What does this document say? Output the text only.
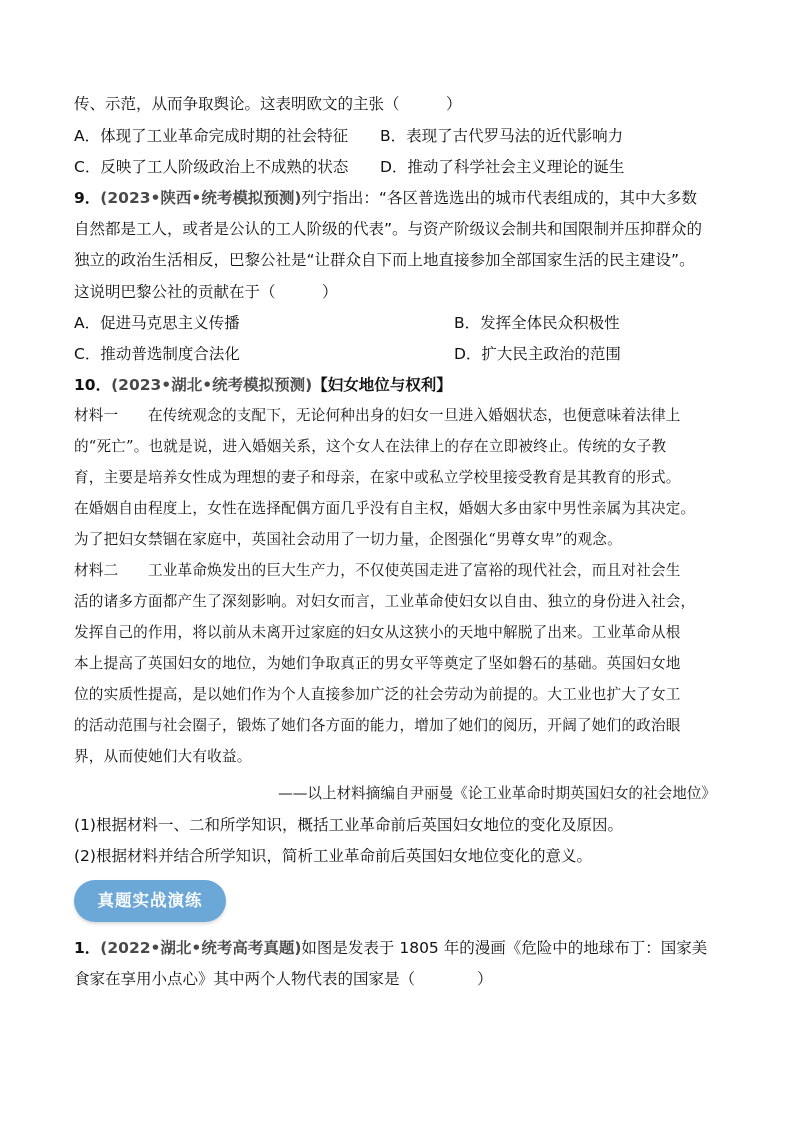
传、示范，从而争取舆论。这表明欧文的主张（　　　）
A．体现了工业革命完成时期的社会特征 B．表现了古代罗马法的近代影响力
C．反映了工人阶级政治上不成熟的状态 D．推动了科学社会主义理论的诞生
9．(2023•陕西•统考模拟预测)列宁指出：“各区普选选出的城市代表组成的，其中大多数
自然都是工人，或者是公认的工人阶级的代表”。与资产阶级议会制共和国限制并压抑群众的
独立的政治生活相反，巴黎公社是“让群众自下而上地直接参加全部国家生活的民主建设”。
这说明巴黎公社的贡献在于（　　　）
A．促进马克思主义传播	B．发挥全体民众积极性
C．推动普选制度合法化	D．扩大民主政治的范围
10．(2023•湖北•统考模拟预测)【妇女地位与权利】
材料一　　在传统观念的支配下，无论何种出身的妇女一旦进入婚姻状态，也便意味着法律上
的“死亡”。也就是说，进入婚姻关系，这个女人在法律上的存在立即被终止。传统的女子教
育，主要是培养女性成为理想的妻子和母亲，在家中或私立学校里接受教育是其教育的形式。
在婚姻自由程度上，女性在选择配偶方面几乎没有自主权，婚姻大多由家中男性亲属为其决定。
为了把妇女禁锢在家庭中，英国社会动用了一切力量，企图强化“男尊女卑”的观念。
材料二　　工业革命焕发出的巨大生产力，不仅使英国走进了富裕的现代社会，而且对社会生
活的诸多方面都产生了深刻影响。对妇女而言，工业革命使妇女以自由、独立的身份进入社会，
发挥自己的作用，将以前从未离开过家庭的妇女从这狭小的天地中解脱了出来。工业革命从根
本上提高了英国妇女的地位，为她们争取真正的男女平等奠定了坚如磐石的基础。英国妇女地
位的实质性提高，是以她们作为个人直接参加广泛的社会劳动为前提的。大工业也扩大了女工
的活动范围与社会圈子，锻炼了她们各方面的能力，增加了她们的阅历，开阔了她们的政治眼
界，从而使她们大有收益。
——以上材料摘编自尹丽曼《论工业革命时期英国妇女的社会地位》
(1)根据材料一、二和所学知识，概括工业革命前后英国妇女地位的变化及原因。
(2)根据材料并结合所学知识，简析工业革命前后英国妇女地位变化的意义。
真题实战演练
1．(2022•湖北•统考高考真题)如图是发表于 1805 年的漫画《危险中的地球布丁：国家美
食家在享用小点心》其中两个人物代表的国家是（　　　　）
